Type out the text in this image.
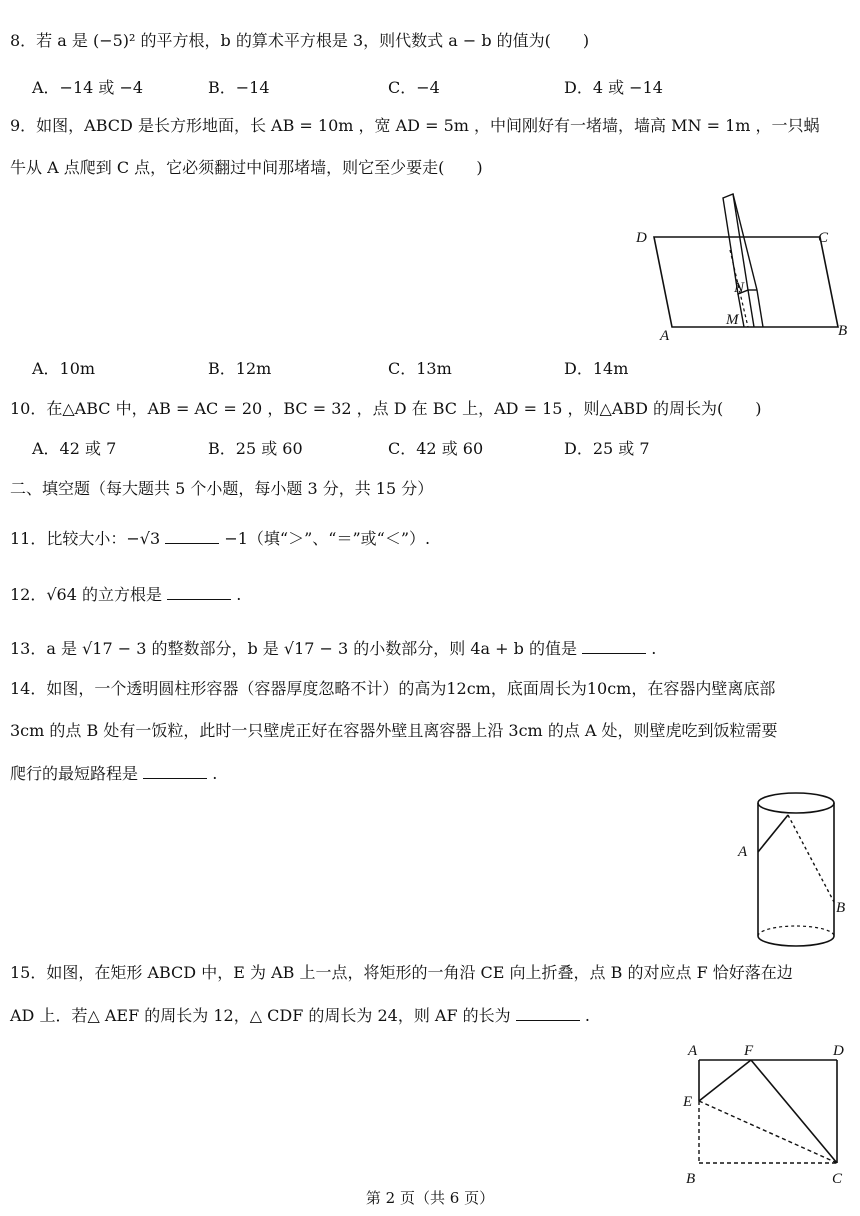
8．若 a 是 (−5)² 的平方根，b 的算术平方根是 3，则代数式 a − b 的值为(　　)
A．−14 或 −4	B．−14	C．−4	D．4 或 −14
9．如图，ABCD 是长方形地面，长 AB = 10m ，宽 AD = 5m ，中间刚好有一堵墙，墙高 MN = 1m ，一只蜗
牛从 A 点爬到 C 点，它必须翻过中间那堵墙，则它至少要走(　　)
D	C
A	B
N
M
A．10m	B．12m	C．13m	D．14m
10．在△ABC 中，AB = AC = 20 ，BC = 32 ，点 D 在 BC 上，AD = 15 ，则△ABD 的周长为(　　)
A．42 或 7	B．25 或 60	C．42 或 60	D．25 或 7
二、填空题（每大题共 5 个小题，每小题 3 分，共 15 分）
11．比较大小：−√3	−1（填“＞”、“＝”或“＜”）.
12．√64 的立方根是	.
13．a 是 √17 − 3 的整数部分，b 是 √17 − 3 的小数部分，则 4a + b 的值是	.
14．如图，一个透明圆柱形容器（容器厚度忽略不计）的高为12cm，底面周长为10cm，在容器内壁离底部
3cm 的点 B 处有一饭粒，此时一只壁虎正好在容器外壁且离容器上沿 3cm 的点 A 处，则壁虎吃到饭粒需要
爬行的最短路程是	.
A
B
15．如图，在矩形 ABCD 中，E 为 AB 上一点，将矩形的一角沿 CE 向上折叠，点 B 的对应点 F 恰好落在边
AD 上．若△ AEF 的周长为 12，△ CDF 的周长为 24，则 AF 的长为	.
A	F	D
E
B	C
第 2 页（共 6 页）
